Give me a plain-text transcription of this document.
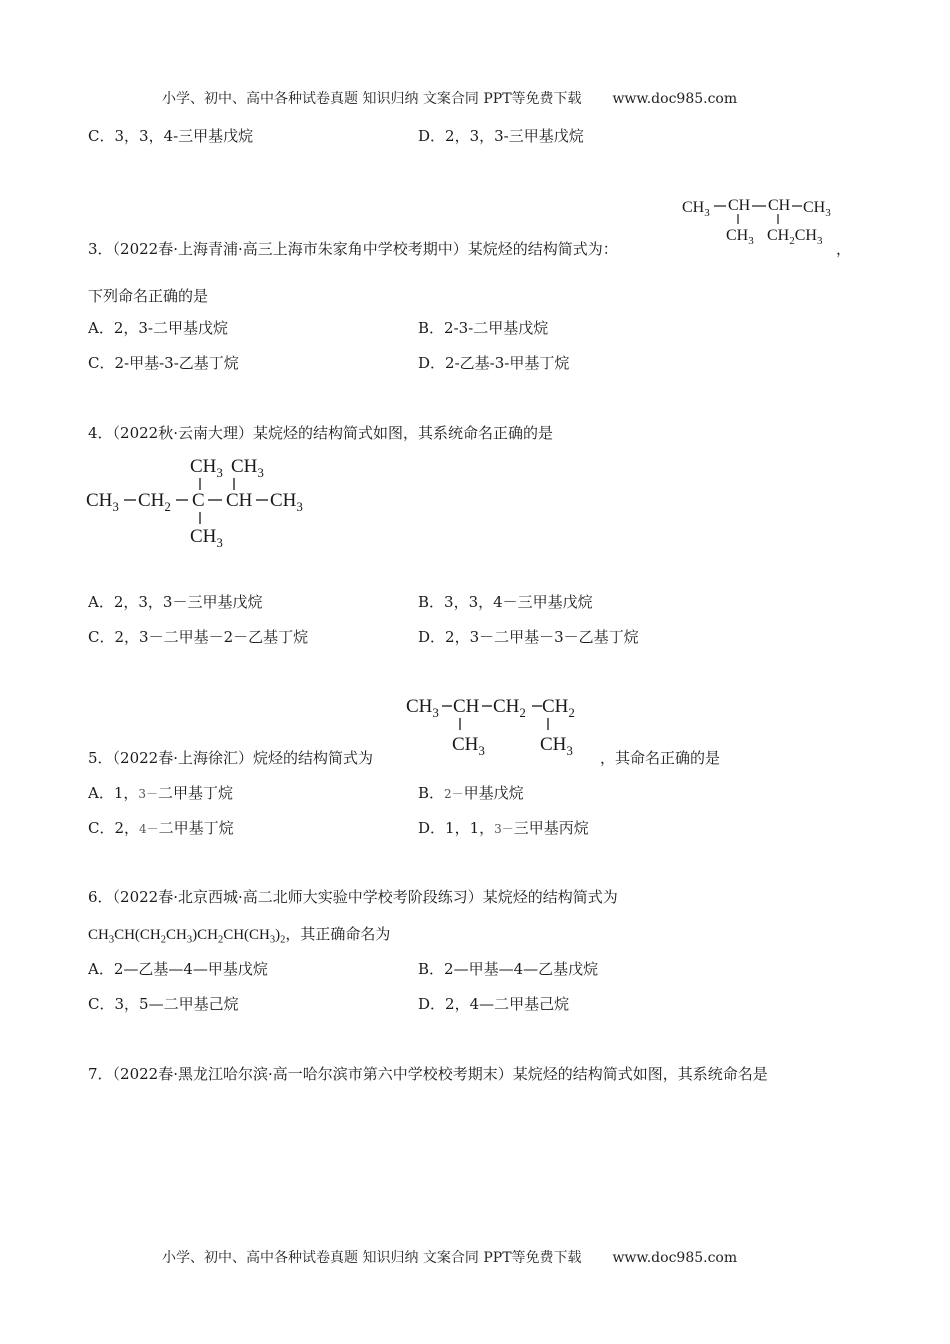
小学、初中、高中各种试卷真题 知识归纳 文案合同 PPT等免费下载 www.doc985.com
C．3，3，4-三甲基戊烷	D．2，3，3-三甲基戊烷
$CH_3$ CH CH $CH_3$
$CH_3$ $CH_2CH_3$
3．（2022春·上海青浦·高三上海市朱家角中学校考期中）某烷烃的结构简式为：	，
下列命名正确的是
A．2，3-二甲基戊烷	B．2-3-二甲基戊烷
C．2-甲基-3-乙基丁烷	D．2-乙基-3-甲基丁烷
4．（2022秋·云南大理）某烷烃的结构简式如图，其系统命名正确的是
$CH_3$ $CH_3$
$CH_3$ $CH_2$ C CH $CH_3$
$CH_3$
A．2，3，3－三甲基戊烷	B．3，3，4－三甲基戊烷
C．2，3－二甲基－2－乙基丁烷	D．2，3－二甲基－3－乙基丁烷
$CH_3$ CH $CH_2$ $CH_2$
$CH_3$	$CH_3$
5．（2022春·上海徐汇）烷烃的结构简式为	，其命名正确的是
A．1，3－二甲基丁烷	B．2－甲基戊烷
C．2，4－二甲基丁烷	D．1，1，3－三甲基丙烷
6．（2022春·北京西城·高二北师大实验中学校考阶段练习）某烷烃的结构简式为
$CH_3CH(CH_2CH_3)CH_2CH(CH_3)_2$，其正确命名为
A．2—乙基—4—甲基戊烷	B．2—甲基—4—乙基戊烷
C．3，5—二甲基己烷	D．2，4—二甲基己烷
7．（2022春·黑龙江哈尔滨·高一哈尔滨市第六中学校校考期末）某烷烃的结构简式如图，其系统命名是
小学、初中、高中各种试卷真题 知识归纳 文案合同 PPT等免费下载 www.doc985.com
